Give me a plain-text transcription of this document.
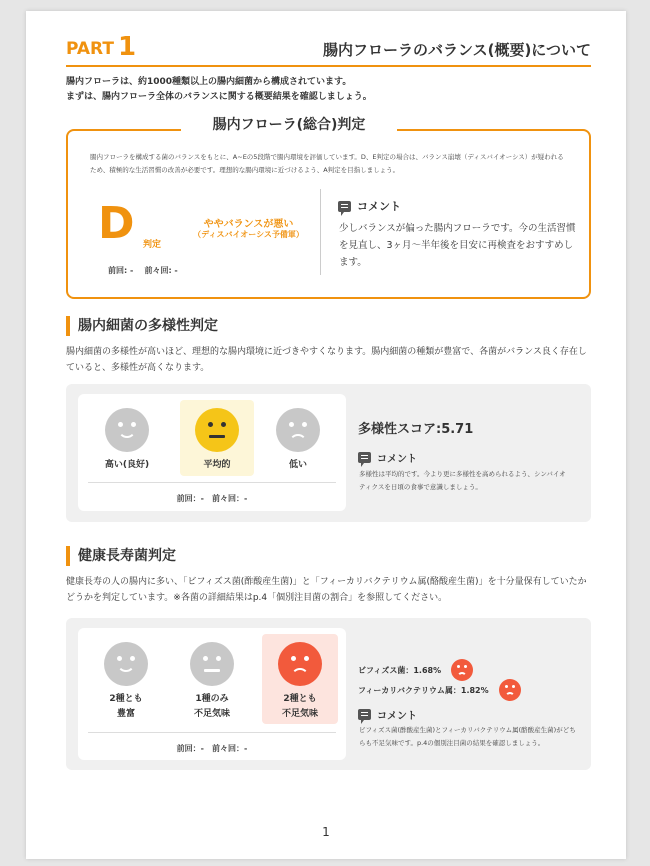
PART 1	腸内フローラのバランス(概要)について
腸内フローラは、約1000種類以上の腸内細菌から構成されています。
まずは、腸内フローラ全体のバランスに関する概要結果を確認しましょう。
腸内フローラを構成する菌のバランスをもとに、A~Eの5段階で腸内環境を評価しています。D、E判定の場合は、バランス崩壊（ディスバイオーシス）が疑われるため、積極的な生活習慣の改善が必要です。理想的な腸内環境に近づけるよう、A判定を目指しましょう。
D 判定
ややバランスが悪い
（ディスバイオーシス予備軍）
前回: - 前々回: -
コメント
少しバランスが偏った腸内フローラです。今の生活習慣を見直し、3ヶ月〜半年後を目安に再検査をおすすめします。
腸内フローラ(総合)判定
腸内細菌の多様性判定
腸内細菌の多様性が高いほど、理想的な腸内環境に近づきやすくなります。腸内細菌の種類が豊富で、各菌がバランス良く存在していると、多様性が高くなります。
高い(良好)	平均的	低い
前回：-　前々回：-
多様性スコア:5.71
コメント
多様性は平均的です。今より更に多様性を高められるよう、シンバイオティクスを日頃の食事で意識しましょう。
健康長寿菌判定
健康長寿の人の腸内に多い、「ビフィズス菌(酢酸産生菌)」と「フィーカリバクテリウム属(酪酸産生菌)」を十分量保有していたかどうかを判定しています。※各菌の詳細結果はp.4「個別注目菌の割合」を参照してください。
2種とも
豊富
1種のみ
不足気味
2種とも
不足気味
前回：-　前々回：-
ビフィズス菌：1.68%
フィーカリバクテリウム属：1.82%
コメント
ビフィズス菌(酢酸産生菌)とフィーカリバクテリウム属(酪酸産生菌)がどちらも不足気味です。p.4の個別注目菌の結果を確認しましょう。
1
